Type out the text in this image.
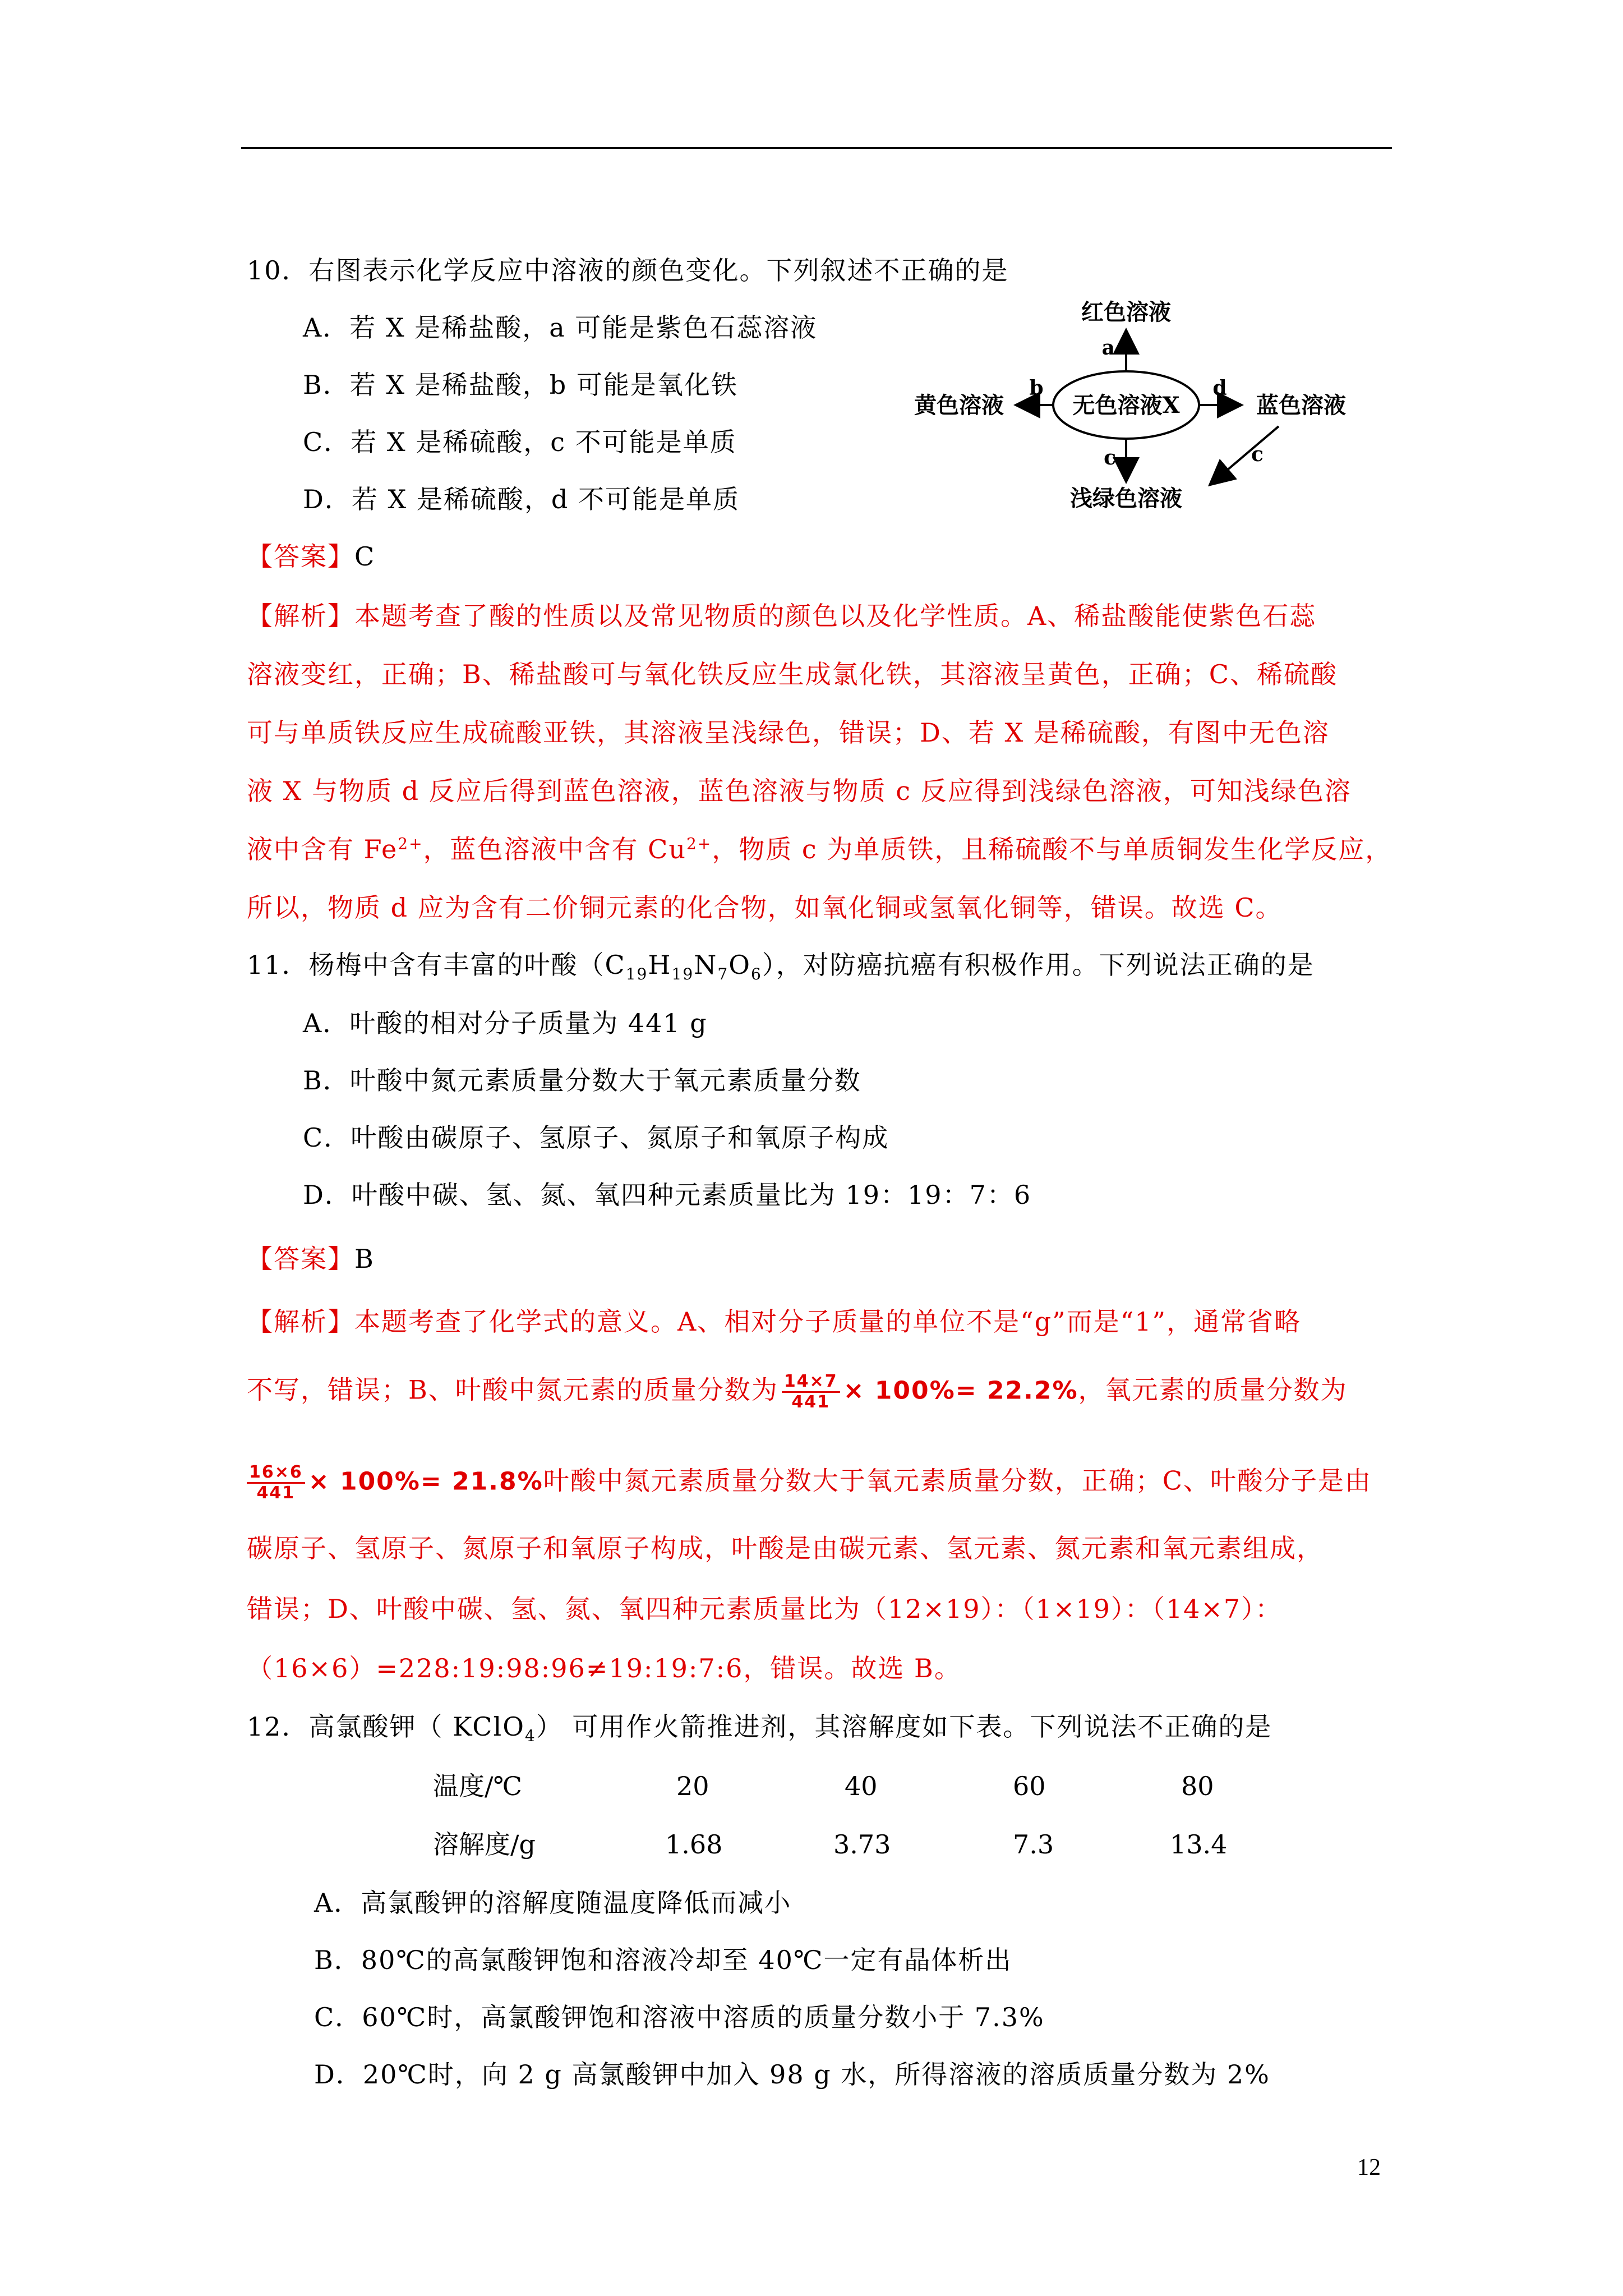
10．右图表示化学反应中溶液的颜色变化。下列叙述不正确的是
A．若 X 是稀盐酸，a 可能是紫色石蕊溶液
B．若 X 是稀盐酸，b 可能是氧化铁
C．若 X 是稀硫酸，c 不可能是单质
D．若 X 是稀硫酸，d 不可能是单质
无色溶液X
红色溶液
黄色溶液	蓝色溶液
浅绿色溶液
a
b	d
c	c
【答案】C
【解析】本题考查了酸的性质以及常见物质的颜色以及化学性质。A、稀盐酸能使紫色石蕊
溶液变红，正确；B、稀盐酸可与氧化铁反应生成氯化铁，其溶液呈黄色，正确；C、稀硫酸
可与单质铁反应生成硫酸亚铁，其溶液呈浅绿色，错误；D、若 X 是稀硫酸，有图中无色溶
液 X 与物质 d 反应后得到蓝色溶液，蓝色溶液与物质 c 反应得到浅绿色溶液，可知浅绿色溶
液中含有 $Fe^{2+}$，蓝色溶液中含有 $Cu^{2+}$，物质 c 为单质铁，且稀硫酸不与单质铜发生化学反应，
所以，物质 d 应为含有二价铜元素的化合物，如氧化铜或氢氧化铜等，错误。故选 C。
11．杨梅中含有丰富的叶酸$(C_{19}H_{19}N_7O_6)$，对防癌抗癌有积极作用。下列说法正确的是
A．叶酸的相对分子质量为 441 g
B．叶酸中氮元素质量分数大于氧元素质量分数
C．叶酸由碳原子、氢原子、氮原子和氧原子构成
D．叶酸中碳、氢、氮、氧四种元素质量比为 19：19：7：6
【答案】B
【解析】本题考查了化学式的意义。A、相对分子质量的单位不是“g”而是“1”，通常省略
不写，错误；B、叶酸中氮元素的质量分数为 $\frac{14\times 7}{441} \times 100\%= 22.2\%$，氧元素的质量分数为
$\frac{16\times 6}{441} \times 100\%= 21.8\%$叶酸中氮元素质量分数大于氧元素质量分数，正确；C、叶酸分子是由
碳原子、氢原子、氮原子和氧原子构成，叶酸是由碳元素、氢元素、氮元素和氧元素组成，
错误；D、叶酸中碳、氢、氮、氧四种元素质量比为（12×19）：（1×19）：（14×7）：
（16×6）=228:19:98:96≠19:19:7:6，错误。故选 B。
12．高氯酸钾（ KClO$_4$） 可用作火箭推进剂，其溶解度如下表。下列说法不正确的是
温度/℃	20	40	60	80
溶解度/g	1.68	3.73	7.3	13.4
A．高氯酸钾的溶解度随温度降低而减小
B．80℃的高氯酸钾饱和溶液冷却至 40℃一定有晶体析出
C．60℃时，高氯酸钾饱和溶液中溶质的质量分数小于 7.3%
D．20℃时，向 2 g 高氯酸钾中加入 98 g 水，所得溶液的溶质质量分数为 2%
12
